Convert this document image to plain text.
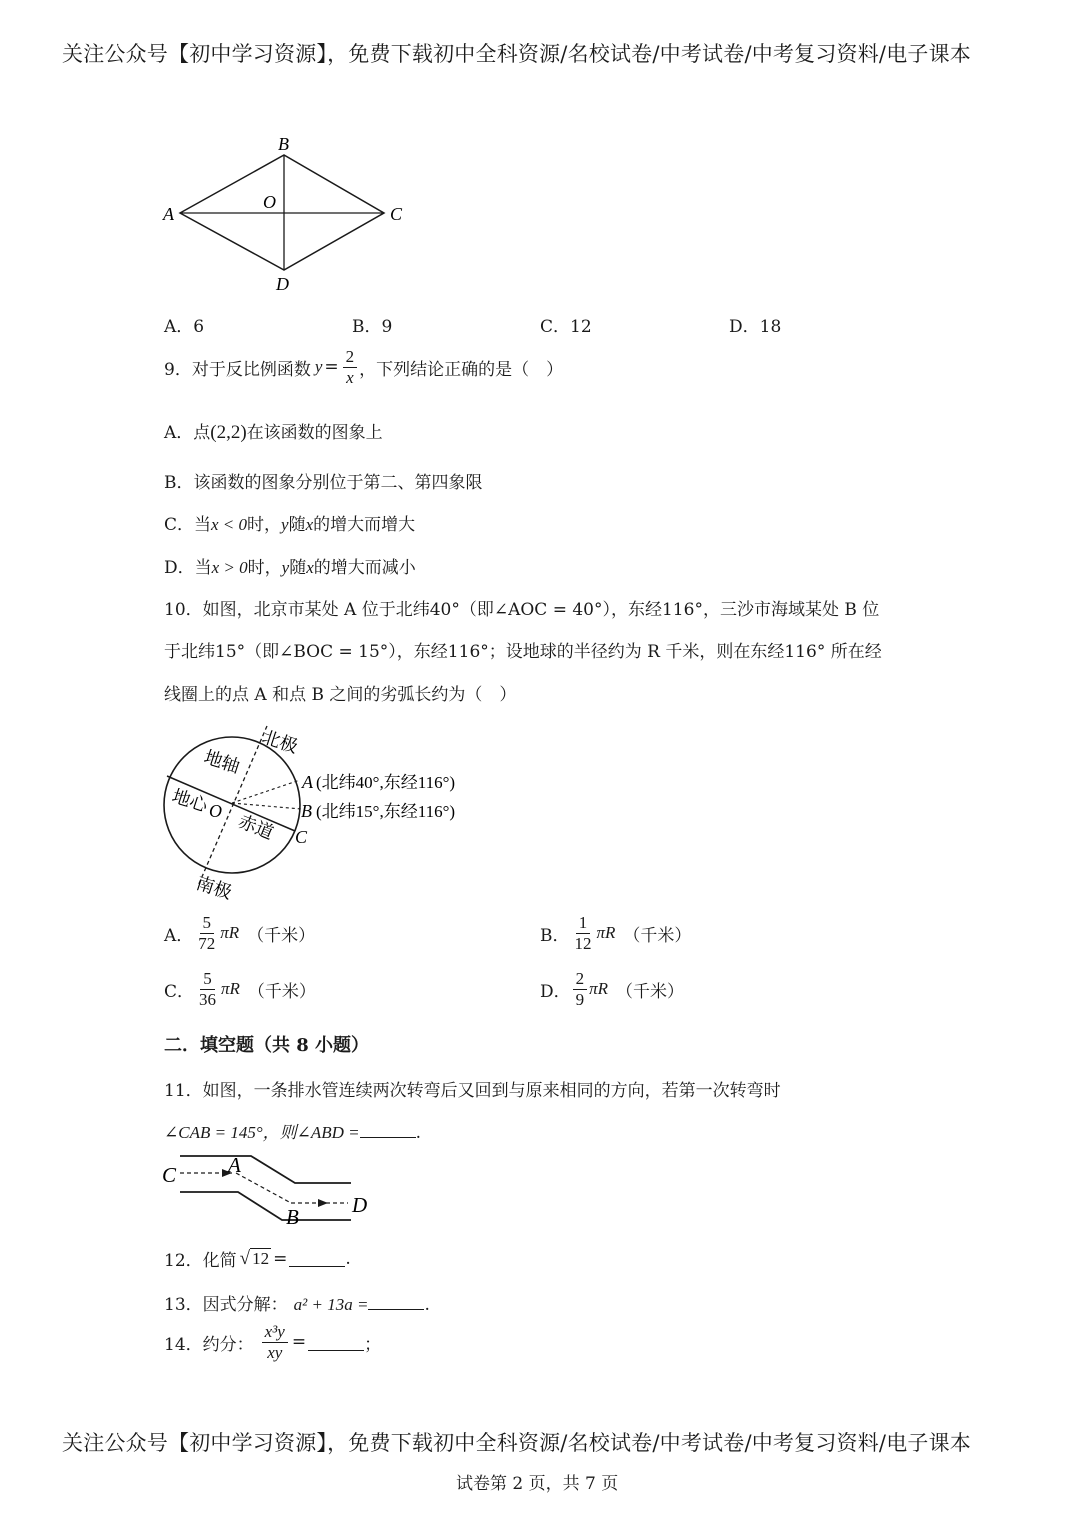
关注公众号【初中学习资源】，免费下载初中全科资源/名校试卷/中考试卷/中考复习资料/电子课本
A
B
C
D
O
A．6	B．9	C．12	D．18
9．对于反比例函数 $y = \frac{2}{x}$ ，下列结论正确的是（　）
A．点(2,2)在该函数的图象上
B．该函数的图象分别位于第二、第四象限
C．当x < 0时，y随x的增大而增大
D．当x > 0时，y随x的增大而减小
10．如图，北京市某处 A 位于北纬40°（即∠AOC = 40°），东经116°，三沙市海域某处 B 位
于北纬15°（即∠BOC = 15°），东经116°；设地球的半径约为 R 千米，则在东经116° 所在经
线圈上的点 A 和点 B 之间的劣弧长约为（　）
北极
地轴
地心
O
赤道
南极
A
B
C
(北纬40°,东经116°)
(北纬15°,东经116°)
A． $\frac{5}{72}$ πR （千米）	B． $\frac{1}{12}$ πR （千米）
C． $\frac{5}{36}$ πR （千米）	D． $\frac{2}{9}$ πR （千米）
二．填空题（共 8 小题）
11．如图，一条排水管连续两次转弯后又回到与原来相同的方向，若第一次转弯时
∠CAB = 145°，则∠ABD =	.
C A
B	D
12．化简 √ 12 =	.
13．因式分解： a² + 13a =	.
14．约分： $\frac{\text{x³y}}{xy}$ =	；
关注公众号【初中学习资源】，免费下载初中全科资源/名校试卷/中考试卷/中考复习资料/电子课本
试卷第 2 页，共 7 页
